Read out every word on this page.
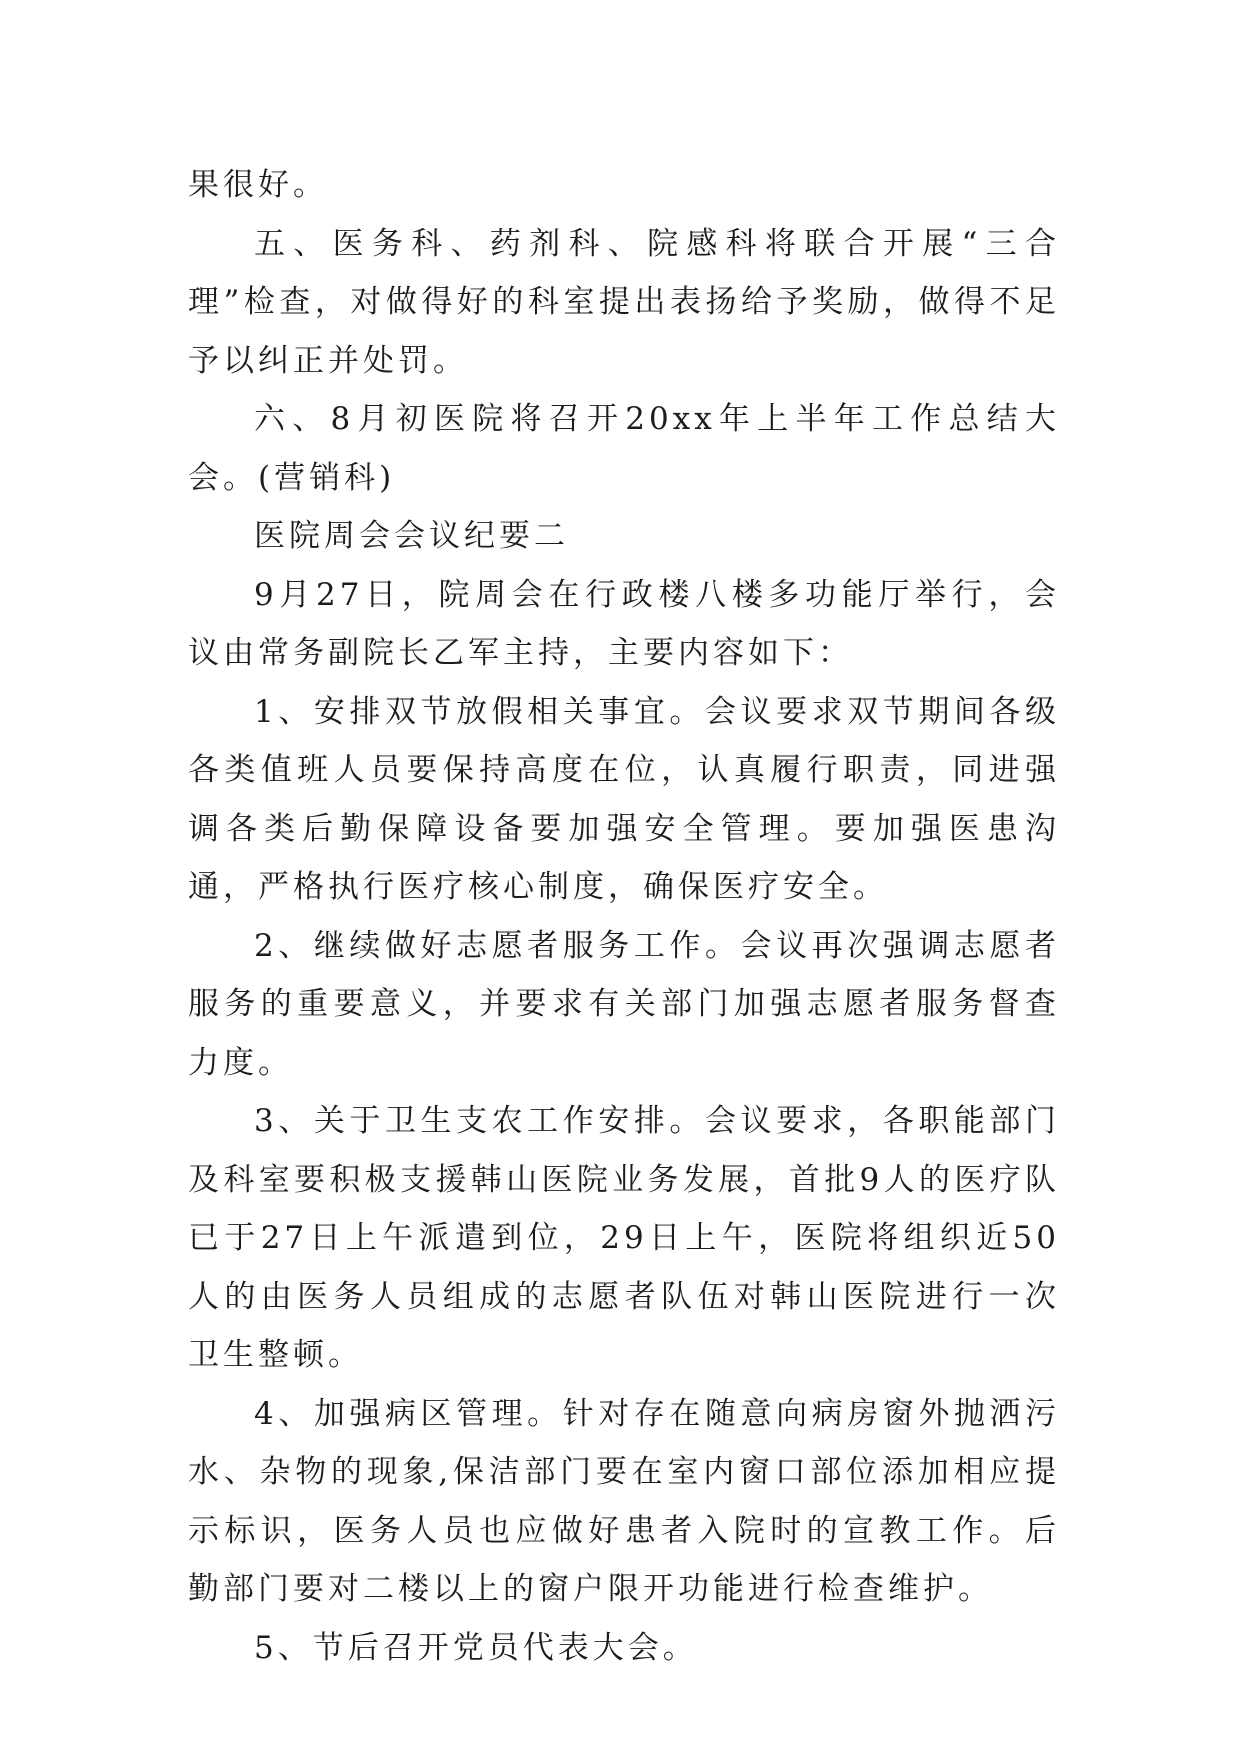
果很好。

五、医务科、药剂科、院感科将联合开展“三合理”检查，对做得好的科室提出表扬给予奖励，做得不足予以纠正并处罚。

六、8月初医院将召开20xx年上半年工作总结大会。(营销科)

医院周会会议纪要二

9月27日，院周会在行政楼八楼多功能厅举行，会议由常务副院长乙军主持，主要内容如下：

1、安排双节放假相关事宜。会议要求双节期间各级各类值班人员要保持高度在位，认真履行职责，同进强调各类后勤保障设备要加强安全管理。要加强医患沟通，严格执行医疗核心制度，确保医疗安全。

2、继续做好志愿者服务工作。会议再次强调志愿者服务的重要意义，并要求有关部门加强志愿者服务督查力度。

3、关于卫生支农工作安排。会议要求，各职能部门及科室要积极支援韩山医院业务发展，首批9人的医疗队已于27日上午派遣到位，29日上午，医院将组织近50人的由医务人员组成的志愿者队伍对韩山医院进行一次卫生整顿。

4、加强病区管理。针对存在随意向病房窗外抛洒污水、杂物的现象,保洁部门要在室内窗口部位添加相应提示标识，医务人员也应做好患者入院时的宣教工作。后勤部门要对二楼以上的窗户限开功能进行检查维护。

5、节后召开党员代表大会。
